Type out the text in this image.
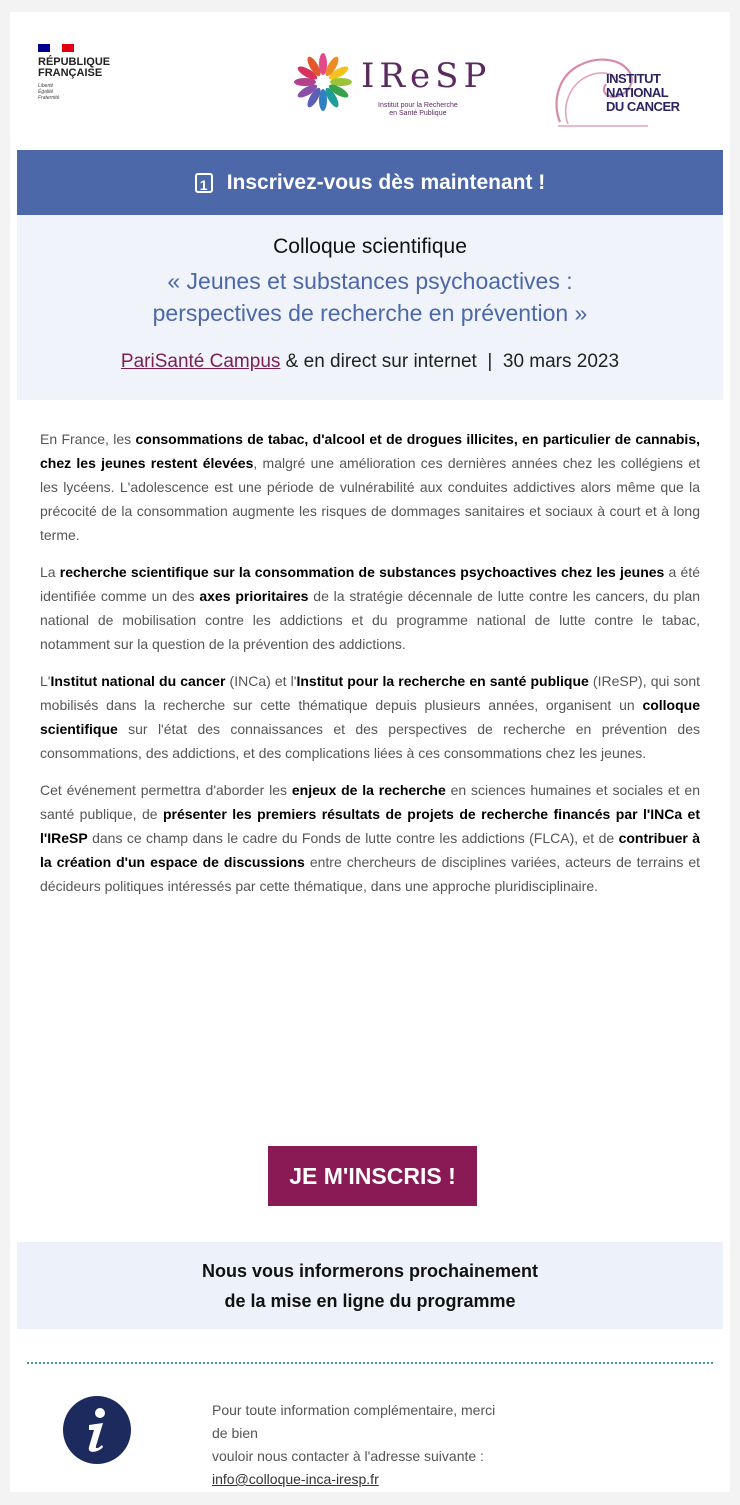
RÉPUBLIQUE
FRANÇAISE
Liberté
Égalité
Fraternité
IReSP
Institut pour la Recherche
en Santé Publique
INSTITUT
NATIONAL
DU CANCER
1 Inscrivez-vous dès maintenant !
Colloque scientifique
« Jeunes et substances psychoactives :
perspectives de recherche en prévention »
PariSanté Campus & en direct sur internet  |  30 mars 2023

En France, les consommations de tabac, d'alcool et de drogues illicites, en particulier de cannabis, chez les jeunes restent élevées, malgré une amélioration ces dernières années chez les collégiens et les lycéens. L'adolescence est une période de vulnérabilité aux conduites addictives alors même que la précocité de la consommation augmente les risques de dommages sanitaires et sociaux à court et à long terme.

La recherche scientifique sur la consommation de substances psychoactives chez les jeunes a été identifiée comme un des axes prioritaires de la stratégie décennale de lutte contre les cancers, du plan national de mobilisation contre les addictions et du programme national de lutte contre le tabac, notamment sur la question de la prévention des addictions.

L'Institut national du cancer (INCa) et l'Institut pour la recherche en santé publique (IReSP), qui sont mobilisés dans la recherche sur cette thématique depuis plusieurs années, organisent un colloque scientifique sur l'état des connaissances et des perspectives de recherche en prévention des consommations, des addictions, et des complications liées à ces consommations chez les jeunes.

Cet événement permettra d'aborder les enjeux de la recherche en sciences humaines et sociales et en santé publique, de présenter les premiers résultats de projets de recherche financés par l'INCa et l'IReSP dans ce champ dans le cadre du Fonds de lutte contre les addictions (FLCA), et de contribuer à la création d'un espace de discussions entre chercheurs de disciplines variées, acteurs de terrains et décideurs politiques intéressés par cette thématique, dans une approche pluridisciplinaire.

JE M'INSCRIS !
Nous vous informerons prochainement
de la mise en ligne du programme
Pour toute information complémentaire, merci de bien
vouloir nous contacter à l'adresse suivante :
info@colloque-inca-iresp.fr
